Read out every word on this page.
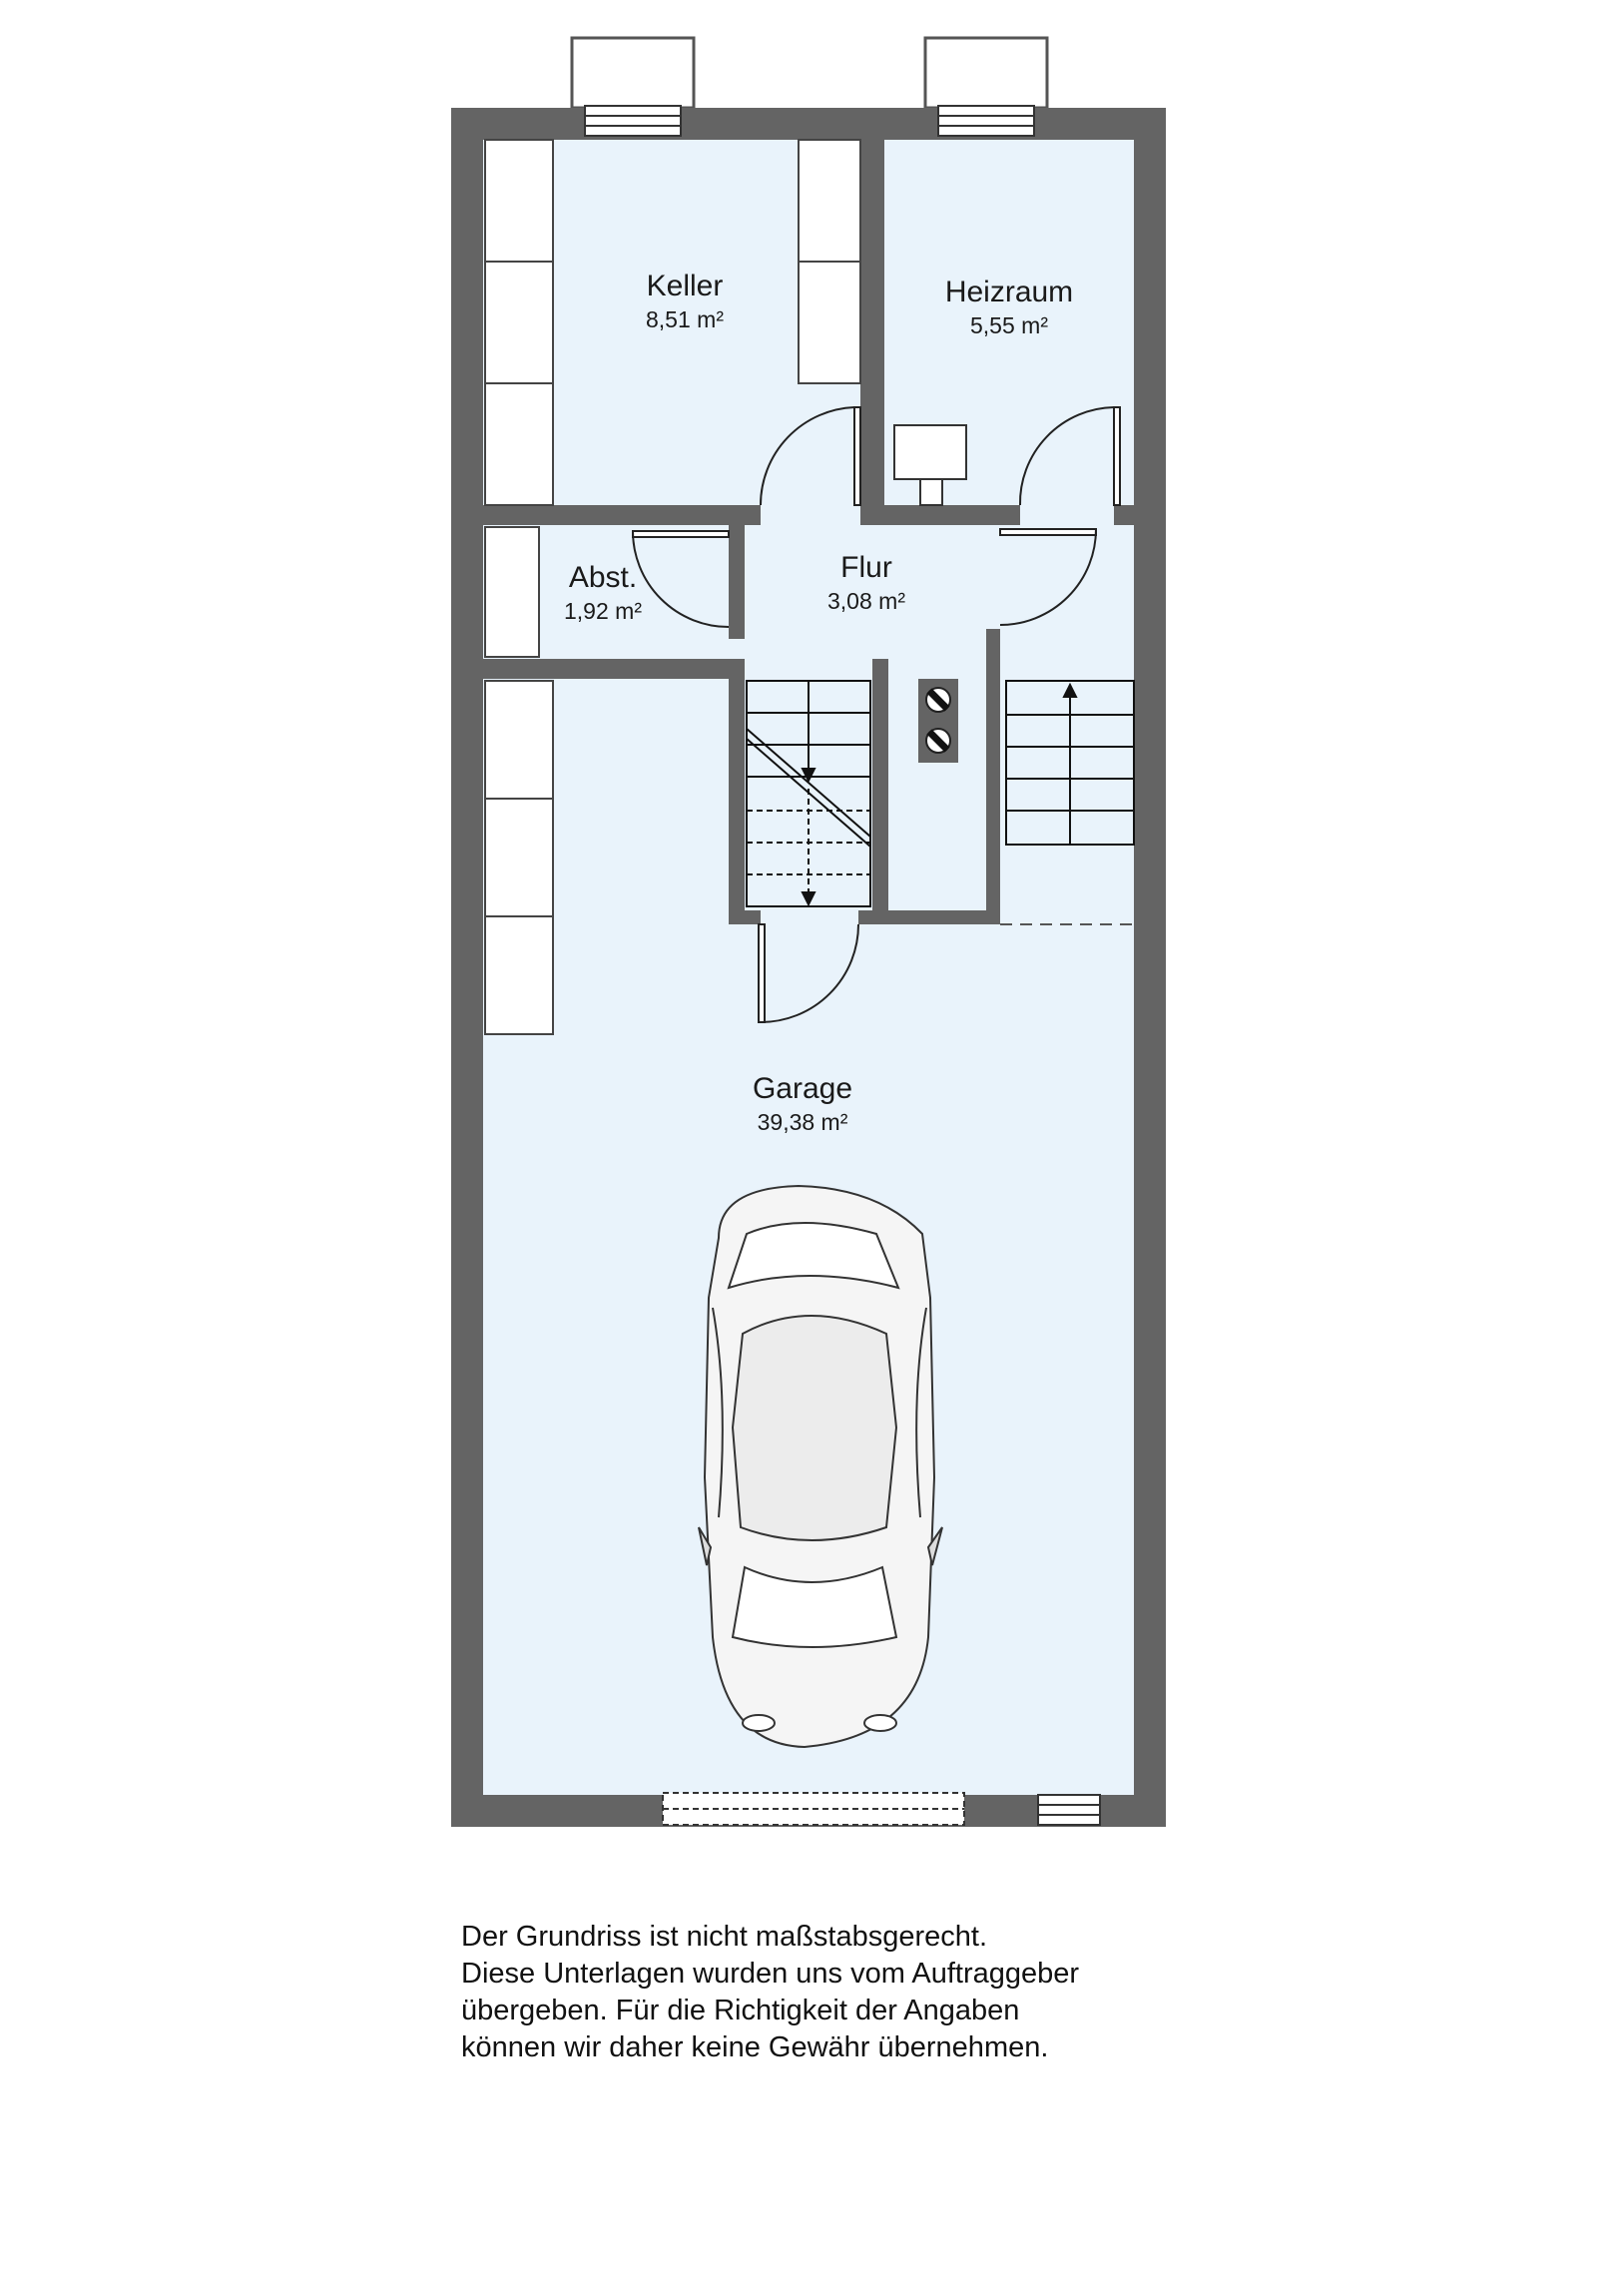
Keller
8,51 m²
Heizraum
5,55 m²
Abst.
1,92 m²
Flur
3,08 m²
Garage
39,38 m²
Der Grundriss ist nicht maßstabsgerecht.
Diese Unterlagen wurden uns vom Auftraggeber
übergeben. Für die Richtigkeit der Angaben
können wir daher keine Gewähr übernehmen.
